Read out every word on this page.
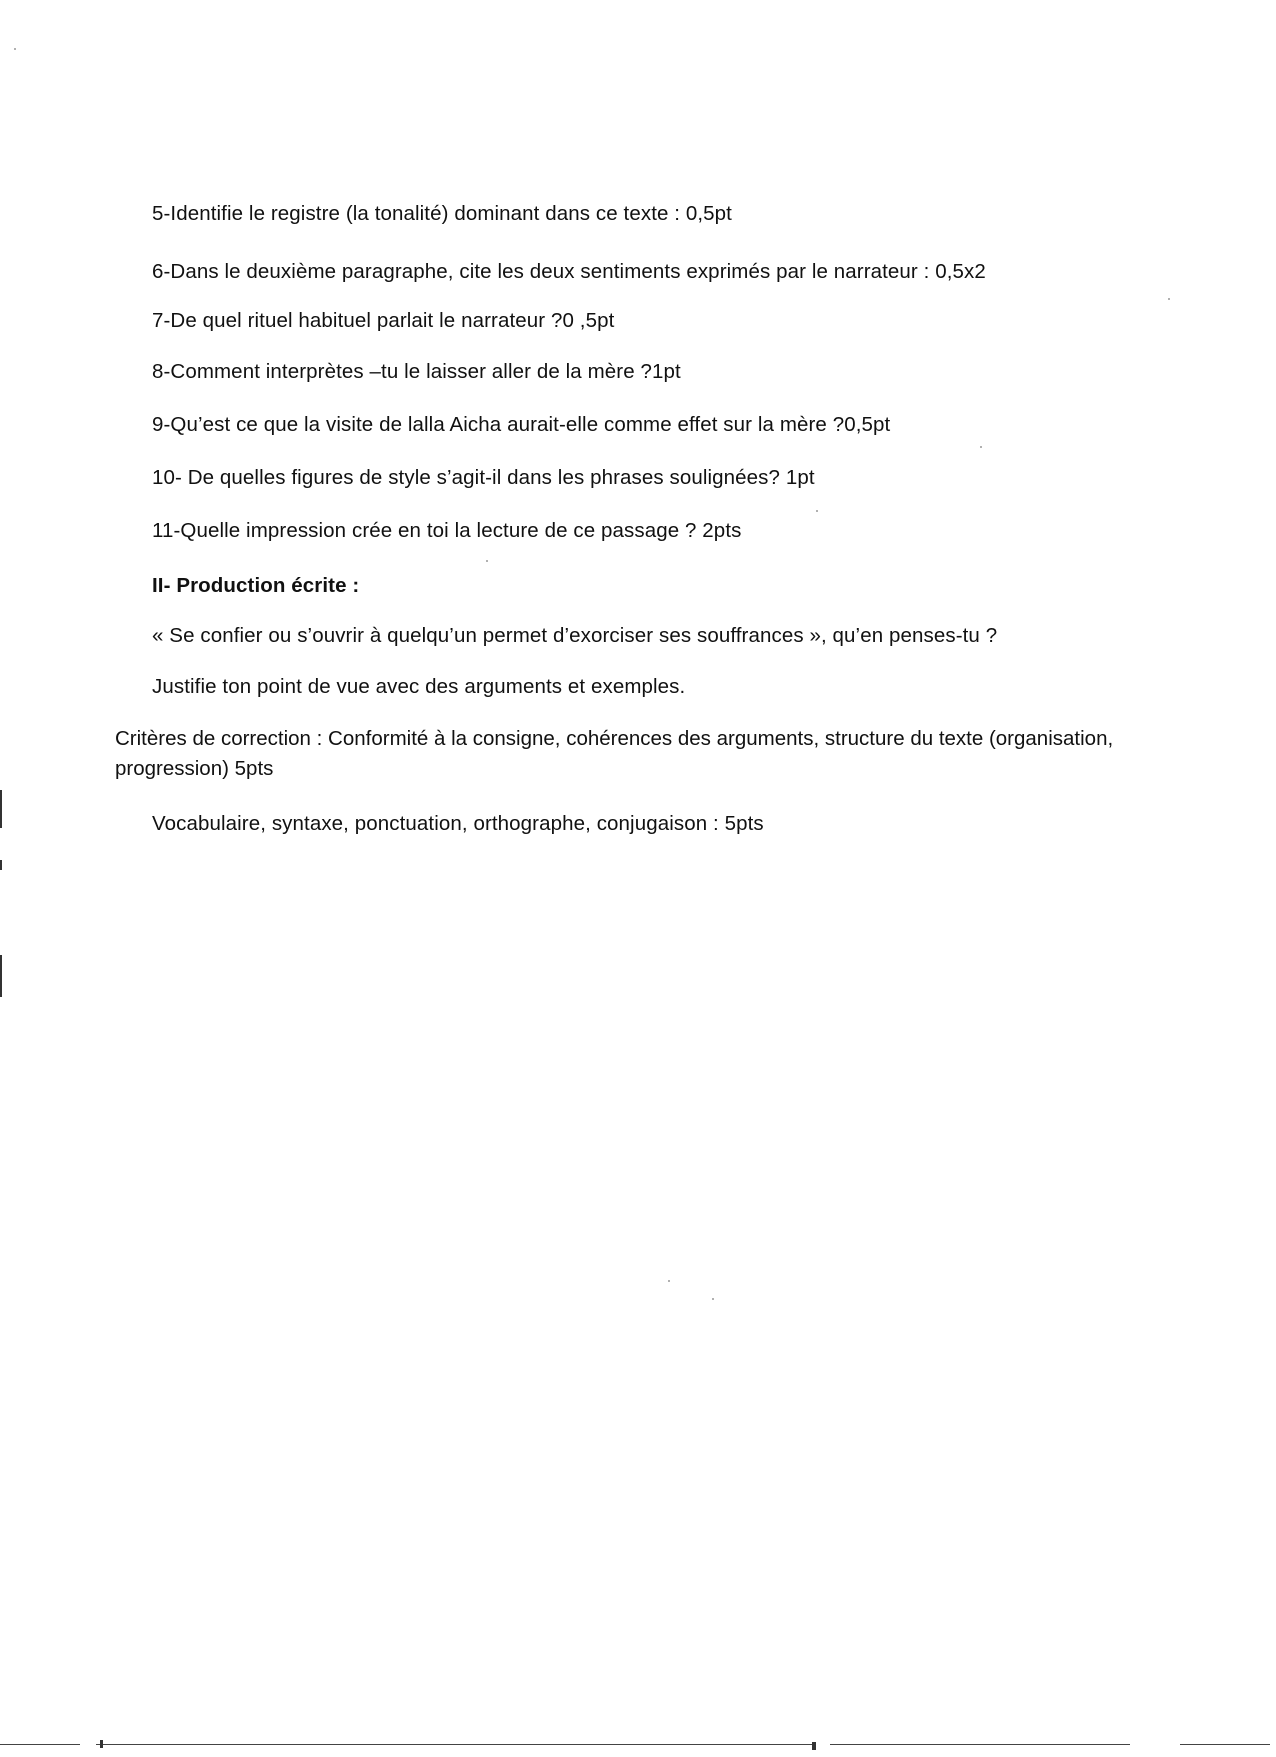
5-Identifie le registre (la tonalité) dominant dans ce texte : 0,5pt
6-Dans le deuxième paragraphe, cite les deux sentiments exprimés par le narrateur : 0,5x2
7-De quel rituel habituel parlait le narrateur ?0 ,5pt
8-Comment interprètes –tu le laisser aller de la mère ?1pt
9-Qu’est ce que la visite de lalla Aicha aurait-elle comme effet sur la mère ?0,5pt
10- De quelles figures de style s’agit-il dans les phrases soulignées? 1pt
11-Quelle impression crée en toi la lecture de ce passage ? 2pts
II- Production écrite :
« Se confier ou s’ouvrir à quelqu’un permet d’exorciser ses souffrances », qu’en penses-tu ?
Justifie ton point de vue avec des arguments et exemples.
Critères de correction : Conformité à la consigne, cohérences des arguments, structure du texte (organisation, progression) 5pts
Vocabulaire, syntaxe, ponctuation, orthographe, conjugaison : 5pts
